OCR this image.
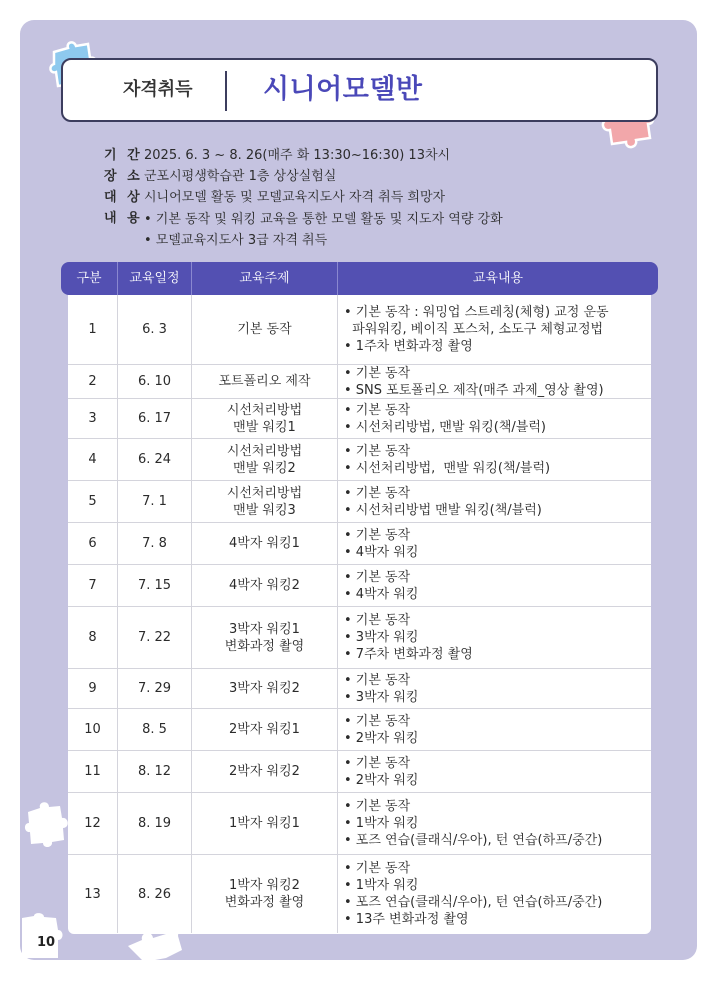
자격취득	시니어모델반
기 간 2025. 6. 3 ~ 8. 26(매주 화 13:30~16:30) 13차시
장 소 군포시평생학습관 1층 상상실험실
대 상 시니어모델 활동 및 모델교육지도사 자격 취득 희망자
내 용 • 기본 동작 및 워킹 교육을 통한 모델 활동 및 지도자 역량 강화
• 모델교육지도사 3급 자격 취득
구분	교육일정	교육주제	교육내용
1	6. 3	기본 동작
• 기본 동작 : 워밍업 스트레칭(체형) 교정 운동
파워워킹, 베이직 포스처, 소도구 체형교정법
• 1주차 변화과정 촬영
2	6. 10	포트폴리오 제작
• 기본 동작
• SNS 포토폴리오 제작(매주 과제_영상 촬영)
3	6. 17
시선처리방법
맨발 워킹1
• 기본 동작
• 시선처리방법, 맨발 워킹(책/블럭)
4	6. 24
시선처리방법
맨발 워킹2
• 기본 동작
• 시선처리방법,  맨발 워킹(책/블럭)
5	7. 1
시선처리방법
맨발 워킹3
• 기본 동작
• 시선처리방법 맨발 워킹(책/블럭)
6	7. 8	4박자 워킹1
• 기본 동작
• 4박자 워킹
7	7. 15	4박자 워킹2
• 기본 동작
• 4박자 워킹
8	7. 22
3박자 워킹1
변화과정 촬영
• 기본 동작
• 3박자 워킹
• 7주차 변화과정 촬영
9	7. 29	3박자 워킹2
• 기본 동작
• 3박자 워킹
10	8. 5	2박자 워킹1
• 기본 동작
• 2박자 워킹
11	8. 12	2박자 워킹2
• 기본 동작
• 2박자 워킹
12	8. 19	1박자 워킹1
• 기본 동작
• 1박자 워킹
• 포즈 연습(클래식/우아), 턴 연습(하프/중간)
13	8. 26
1박자 워킹2
변화과정 촬영
• 기본 동작
• 1박자 워킹
• 포즈 연습(클래식/우아), 턴 연습(하프/중간)
• 13주 변화과정 촬영
10
